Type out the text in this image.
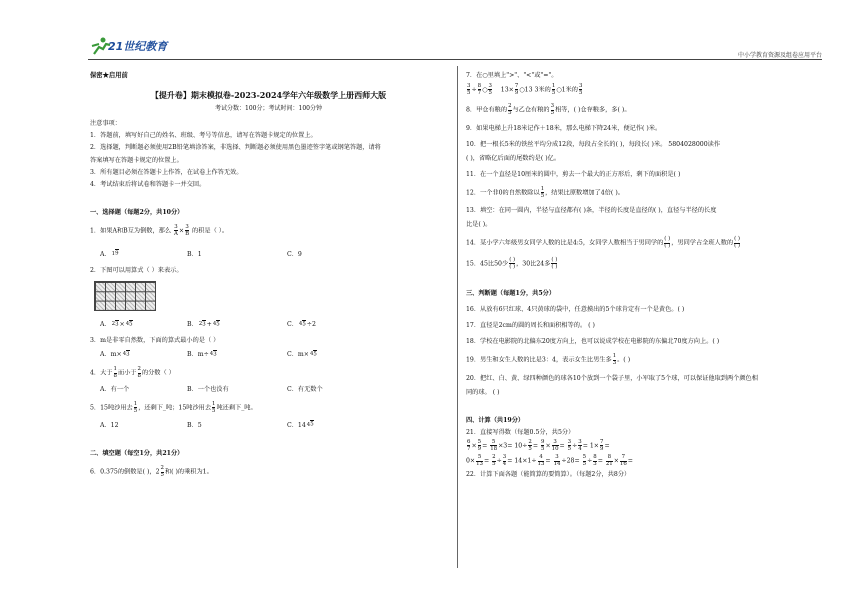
21世纪教育
中小学教育资源及组卷应用平台

保密★启用前

【提升卷】期末模拟卷-2023-2024学年六年级数学上册西师大版

考试分数：100分；考试时间：100分钟

注意事项：

1．答题前，填写好自己的姓名、班级、考号等信息，请写在答题卡规定的位置上。

2．选择题，判断题必须使用2B铅笔填涂答案，非选择、判断题必须使用黑色墨迹签字笔或钢笔答题，请将

答案填写在答题卡规定的位置上。

3．所有题目必须在答题卡上作答，在试卷上作答无效。

4．考试结束后将试卷和答题卡一并交回。

一、选择题（每题2分，共10分）

1．如果A和B互为倒数，那么 $\frac{3}{A} \times \frac{3}{B}$ 的积是（ ）。

A．19	B．1	C．9

2．下图可以用算式（ ）来表示。

A．23×45	B．23+45	C．45÷2

3．m是非零自然数，下面的算式最小的是（ ）

A．m×43	B．m÷43	C．m×45

4．大于 $\frac{1}{8}$ 而小于 $\frac{2}{8}$ 的分数（ ）

A．有一个	B．一个也没有	C．有无数个

5．15吨沙用去 $\frac{1}{5}$ ，还剩下_吨；15吨沙用去 $\frac{1}{5}$ 吨还剩下_吨。

A．12	B．5	C．1445

二、填空题（每空1分，共21分）

6．0.375的倒数是( )，$2 \frac{2}{5}$ 和( )的乘积为1。

7．在○里填上">"、"<"或"="。

$\frac{3}{5} \div \frac{8}{7}$ ○ $\frac{3}{5} 13\times \frac{7}{9}$ ○13 3米的 $\frac{1}{5}$ ○1米的 $\frac{3}{5}$

8．甲仓有粮的 $\frac{2}{5}$ 与乙仓有粮的 $\frac{3}{5}$ 相等，( )仓存粮多，多( )。

9．如果电梯上升18米记作＋18米，那么电梯下降24米，便记作( )米。

10．把一根长5米的铁丝平均分成12段，每段占全长的( )，每段长( )米。 5804028000读作

( )，省略亿后面的尾数约是( )亿。

11．在一个直径是10厘米的圆中，剪去一个最大的正方形后，剩下的面积是( )

12．一个非0的自然数除以 $\frac{1}{5}$ ，结果比原数增加了4倍( )。

13．填空：在同一圆内，半径与直径都有( )条，半径的长度是直径的( )，直径与半径的长度

比是( )。

14．某小学六年级男女同学人数的比是4:5，女同学人数相当于男同学的 $\frac{( )}{( )}$ ，男同学占全班人数的 $\frac{( )}{( )}$

15．45比50少 $\frac{( )}{( )}$ ，30比24多 $\frac{( )}{( )}$

三、判断题（每题1分，共5分）

16．从放有6只红球、4只黄球的袋中，任意摸出的5个球肯定有一个是黄色。( )

17．直径是2cm的圆的周长和面积相等的。 ( )

18．学校在电影院的北偏东20度方向上，也可以说成学校在电影院的东偏北70度方向上。( )

19．男生和女生人数的比是3：4，表示女生比男生多 $\frac{1}{3}$ 。( )

20．把红、白、黄、绿四种颜色的球各10个放到一个袋子里，小军取了5个球，可以保证他取到两个颜色相

同的球。 ( )

四、计算（共19分）

21．直接写得数（每题0.5分，共5分）

$\frac{6}{7} \times \frac{5}{9} = \frac{5}{18} \times 3= 10\div \frac{2}{5} = \frac{9}{5} \times \frac{3}{10} = \frac{3}{5} \div \frac{3}{4} = 1\times \frac{7}{9}$ =

$0\times \frac{5}{13} = \frac{2}{5} \div \frac{3}{4} = 14\times 1\div \frac{4}{13} = \frac{3}{14} \div 28= \frac{5}{5} \div \frac{8}{3} = \frac{8}{21} \times \frac{7}{16}$ =

22．计算下面各题（能简算的要简算）。（每题2分，共8分）
